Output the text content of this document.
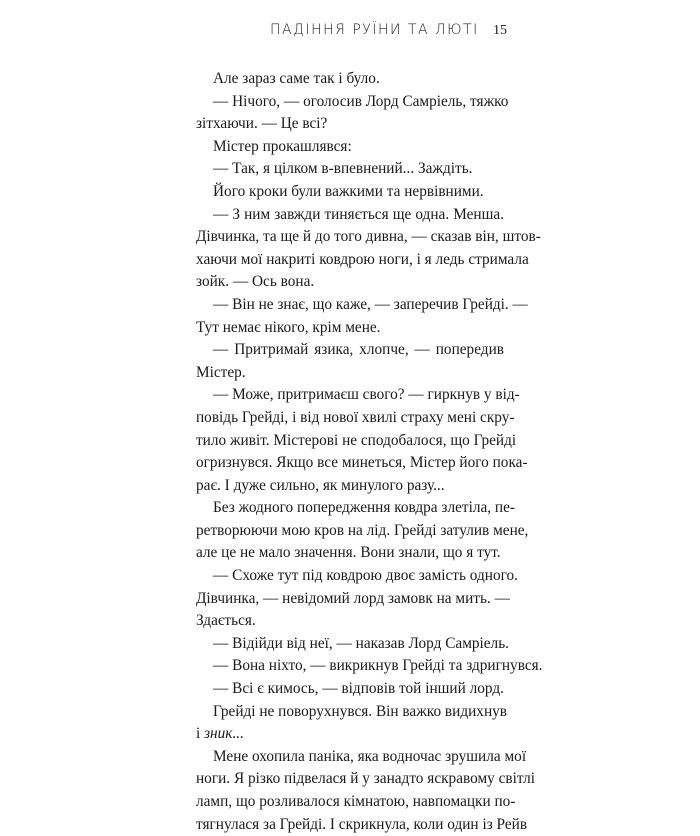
ПАДІННЯ РУЇНИ ТА ЛЮТІ 15
Але зараз саме так і було.
— Нічого, — оголосив Лорд Самріель, тяжко
зітхаючи. — Це всі?
Містер прокашлявся:
— Так, я цілком в-впевнений... Заждіть.
Його кроки були важкими та нервівними.
— З ним завжди тиняється ще одна. Менша.
Дівчинка, та ще й до того дивна, — сказав він, штов-
хаючи мої накриті ковдрою ноги, і я ледь стримала
зойк. — Ось вона.
— Він не знає, що каже, — заперечив Грейді. —
Тут немає нікого, крім мене.
— Притримай язика, хлопче, — попередив
Містер.
— Може, притримаєш свого? — гиркнув у від-
повідь Грейді, і від нової хвилі страху мені скру-
тило живіт. Містерові не сподобалося, що Грейді
огризнувся. Якщо все минеться, Містер його пока-
рає. І дуже сильно, як минулого разу...
Без жодного попередження ковдра злетіла, пе-
ретворюючи мою кров на лід. Грейді затулив мене,
але це не мало значення. Вони знали, що я тут.
— Схоже тут під ковдрою двоє замість одного.
Дівчинка, — невідомий лорд замовк на мить. —
Здається.
— Відійди від неї, — наказав Лорд Самріель.
— Вона ніхто, — викрикнув Грейді та здригнувся.
— Всі є кимось, — відповів той інший лорд.
Грейді не поворухнувся. Він важко видихнув
і зник...
Мене охопила паніка, яка водночас зрушила мої
ноги. Я різко підвелася й у занадто яскравому світлі
ламп, що розливалося кімнатою, навпомацки по-
тягнулася за Грейді. І скрикнула, коли один із Рейв
